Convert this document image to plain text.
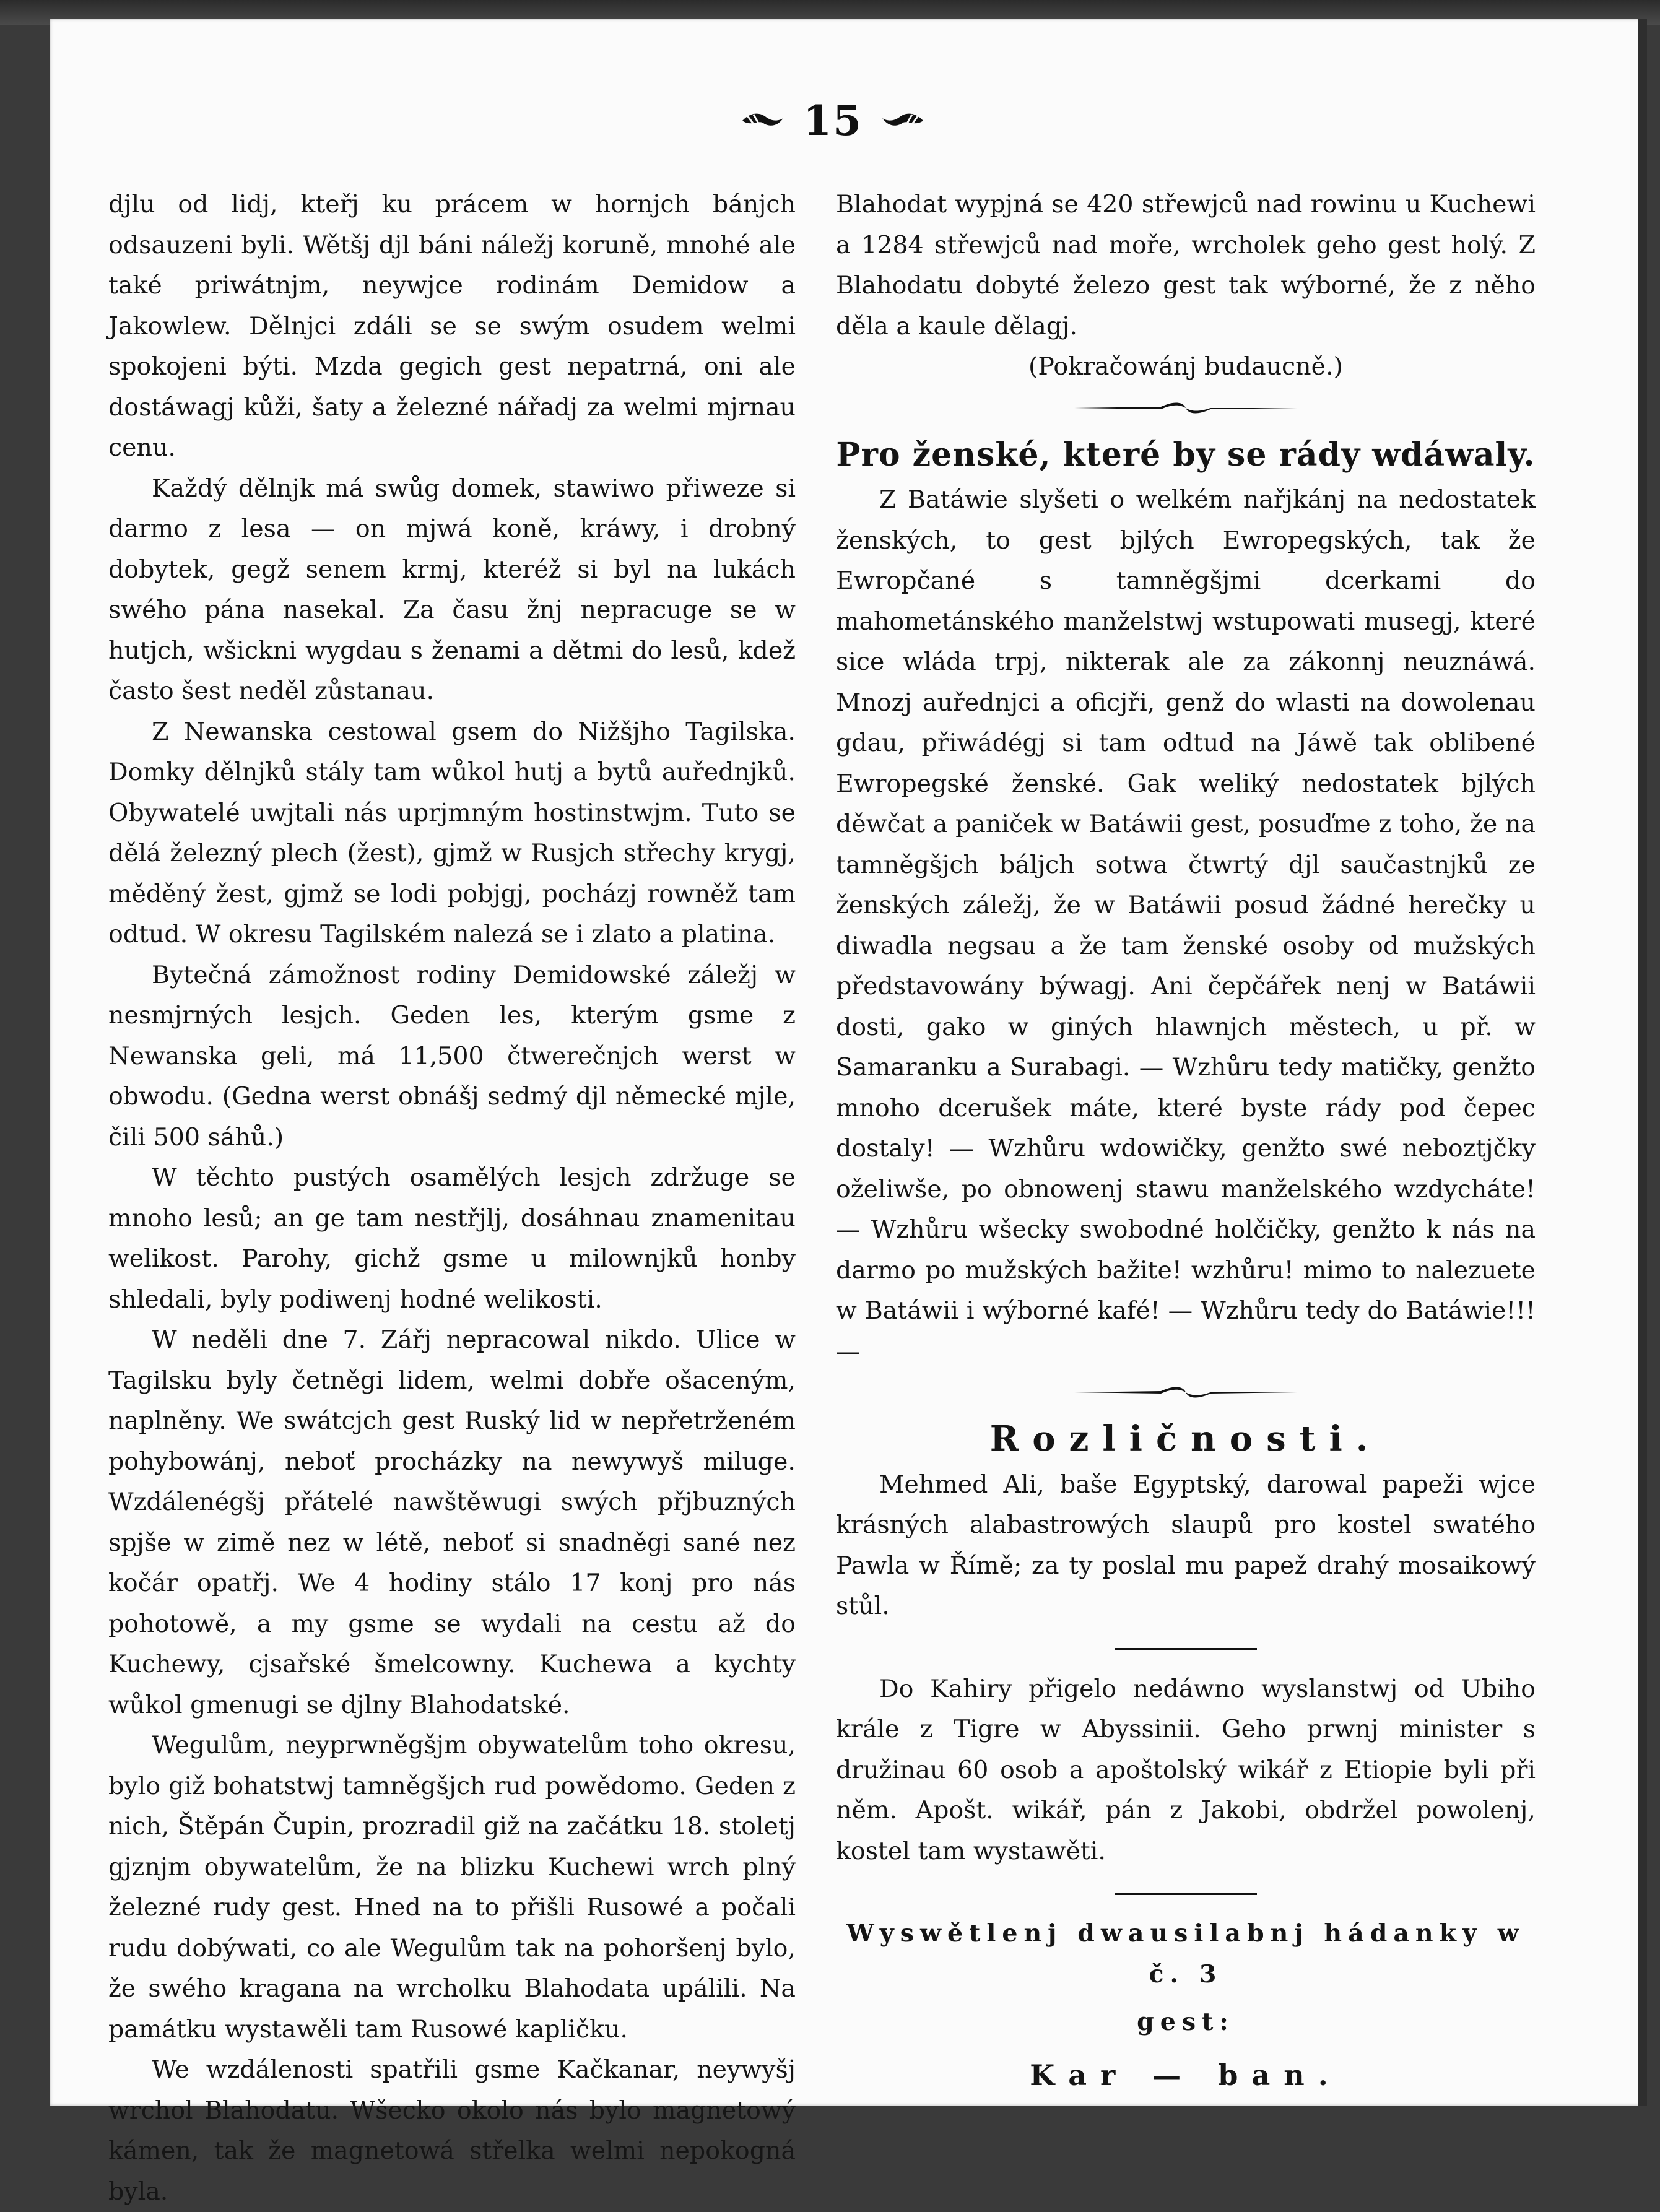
15

djlu od lidj, kteřj ku prácem w hornjch bánjch odsauzeni byli. Wětšj djl báni náležj koruně, mnohé ale také priwátnjm, neywjce rodinám Demidow a Jakowlew. Dělnjci zdáli se se swým osudem welmi spokojeni býti. Mzda gegich gest nepatrná, oni ale dostáwagj kůži, šaty a železné nářadj za welmi mjrnau cenu.

Každý dělnjk má swůg domek, stawiwo přiweze si darmo z lesa — on mjwá koně, kráwy, i drobný dobytek, gegž senem krmj, kteréž si byl na lukách swého pána nasekal. Za času žnj nepracuge se w hutjch, wšickni wygdau s ženami a dětmi do lesů, kdež často šest neděl zůstanau.

Z Newanska cestowal gsem do Nižšjho Tagilska. Domky dělnjků stály tam wůkol hutj a bytů auřednjků. Obywatelé uwjtali nás uprjmným hostinstwjm. Tuto se dělá železný plech (žest), gjmž w Rusjch střechy krygj, měděný žest, gjmž se lodi pobjgj, pocházj rowněž tam odtud. W okresu Tagilském nalezá se i zlato a platina.

Bytečná zámožnost rodiny Demidowské záležj w nesmjrných lesjch. Geden les, kterým gsme z Newanska geli, má 11,500 čtwerečnjch werst w obwodu. (Gedna werst obnášj sedmý djl německé mjle, čili 500 sáhů.)

W těchto pustých osamělých lesjch zdržuge se mnoho lesů; an ge tam nestřjlj, dosáhnau znamenitau welikost. Parohy, gichž gsme u milownjků honby shledali, byly podiwenj hodné welikosti.

W neděli dne 7. Zářj nepracowal nikdo. Ulice w Tagilsku byly četněgi lidem, welmi dobře ošaceným, naplněny. We swátcjch gest Ruský lid w nepřetrženém pohybowánj, neboť procházky na newywyš miluge. Wzdálenégšj přátelé nawštěwugi swých přjbuzných spjše w zimě nez w létě, neboť si snadněgi sané nez kočár opatřj. We 4 hodiny stálo 17 konj pro nás pohotowě, a my gsme se wydali na cestu až do Kuchewy, cjsařské šmelcowny. Kuchewa a kychty wůkol gmenugi se djlny Blahodatské.

Wegulům, neyprwněgšjm obywatelům toho okresu, bylo giž bohatstwj tamněgšjch rud powědomo. Geden z nich, Štěpán Čupin, prozradil giž na začátku 18. stoletj gjznjm obywatelům, že na blizku Kuchewi wrch plný železné rudy gest. Hned na to přišli Rusowé a počali rudu dobýwati, co ale Wegulům tak na pohoršenj bylo, že swého kragana na wrcholku Blahodata upálili. Na památku wystawěli tam Rusowé kapličku.

We wzdálenosti spatřili gsme Kačkanar, neywyšj wrchol Blahodatu. Wšecko okolo nás bylo magnetowý kámen, tak že magnetowá střelka welmi nepokogná byla.

Blahodat wypjná se 420 střewjců nad rowinu u Kuchewi a 1284 střewjců nad moře, wrcholek geho gest holý. Z Blahodatu dobyté železo gest tak wýborné, že z něho děla a kaule dělagj.

(Pokračowánj budaucně.)

Pro ženské, které by se rády wdáwaly.

Z Batáwie slyšeti o welkém nařjkánj na nedostatek ženských, to gest bjlých Ewropegských, tak že Ewropčané s tamněgšjmi dcerkami do mahometánského manželstwj wstupowati musegj, které sice wláda trpj, nikterak ale za zákonnj neuznáwá. Mnozj auřednjci a oficjři, genž do wlasti na dowolenau gdau, přiwádégj si tam odtud na Jáwě tak oblibené Ewropegské ženské. Gak weliký nedostatek bjlých děwčat a paniček w Batáwii gest, posuďme z toho, že na tamněgšjch báljch sotwa čtwrtý djl saučastnjků ze ženských záležj, že w Batáwii posud žádné herečky u diwadla negsau a že tam ženské osoby od mužských představowány býwagj. Ani čepčářek nenj w Batáwii dosti, gako w giných hlawnjch městech, u př. w Samaranku a Surabagi. — Wzhůru tedy matičky, genžto mnoho dcerušek máte, které byste rády pod čepec dostaly! — Wzhůru wdowičky, genžto swé neboztjčky oželiwše, po obnowenj stawu manželského wzdycháte! — Wzhůru wšecky swobodné holčičky, genžto k nás na darmo po mužských bažite! wzhůru! mimo to nalezuete w Batáwii i wýborné kafé! — Wzhůru tedy do Batáwie!!! —

Rozličnosti.

Mehmed Ali, baše Egyptský, darowal papeži wjce krásných alabastrowých slaupů pro kostel swatého Pawla w Římě; za ty poslal mu papež drahý mosaikowý stůl.

Do Kahiry přigelo nedáwno wyslanstwj od Ubiho krále z Tigre w Abyssinii. Geho prwnj minister s družinau 60 osob a apoštolský wikář z Etiopie byli při něm. Apošt. wikář, pán z Jakobi, obdržel powolenj, kostel tam wystawěti.

Wyswětlenj dwausilabnj hádanky w č. 3
gest:
Kar — ban.
